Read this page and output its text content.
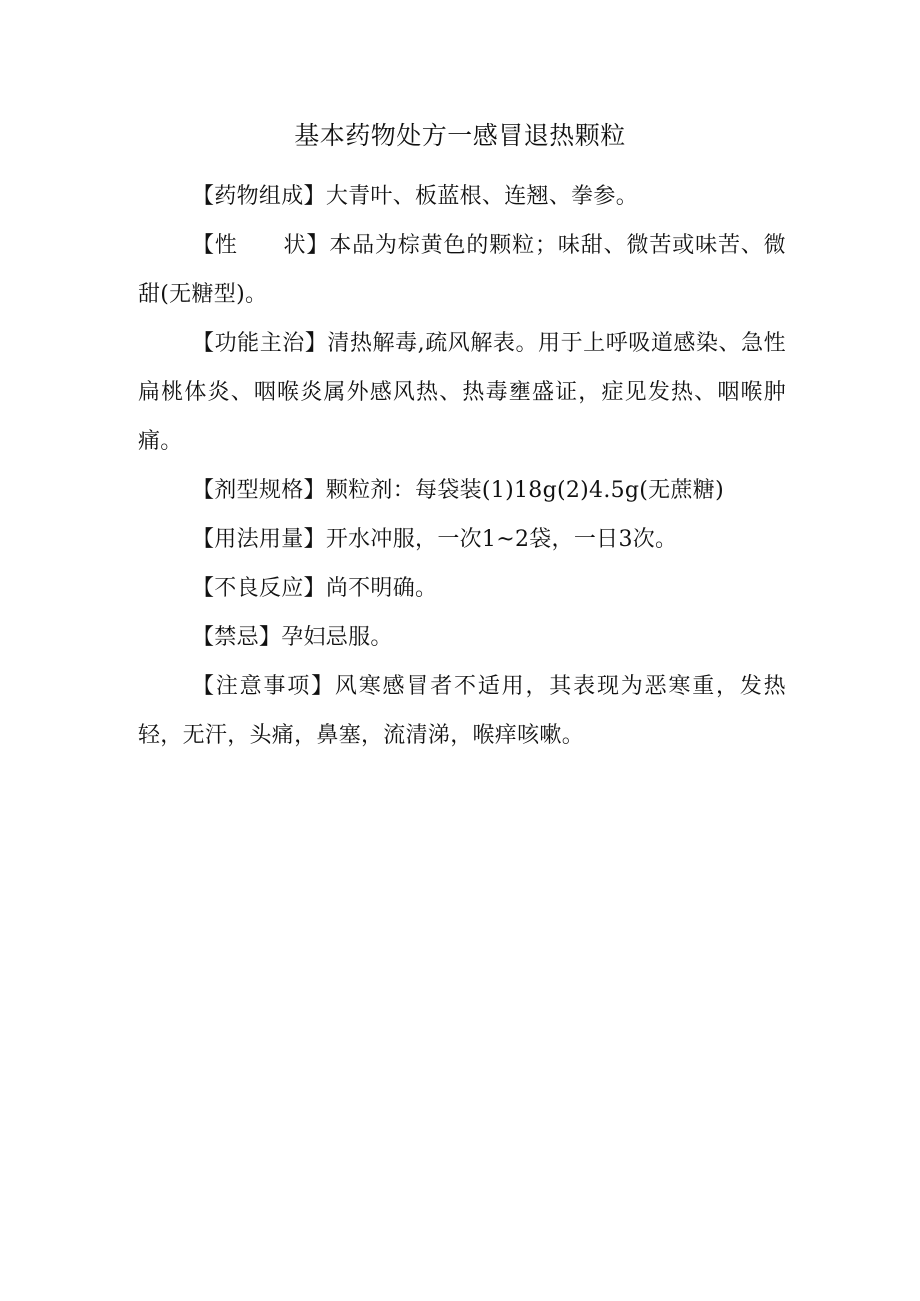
基本药物处方一感冒退热颗粒

【药物组成】大青叶、板蓝根、连翘、拳参。

【性　　状】本品为棕黄色的颗粒；味甜、微苦或味苦、微甜(无糖型)。

【功能主治】清热解毒,疏风解表。用于上呼吸道感染、急性扁桃体炎、咽喉炎属外感风热、热毒壅盛证，症见发热、咽喉肿痛。

【剂型规格】颗粒剂：每袋装(1)18g(2)4.5g(无蔗糖)

【用法用量】开水冲服，一次1~2袋，一日3次。

【不良反应】尚不明确。

【禁忌】孕妇忌服。

【注意事项】风寒感冒者不适用，其表现为恶寒重，发热轻，无汗，头痛，鼻塞，流清涕，喉痒咳嗽。
